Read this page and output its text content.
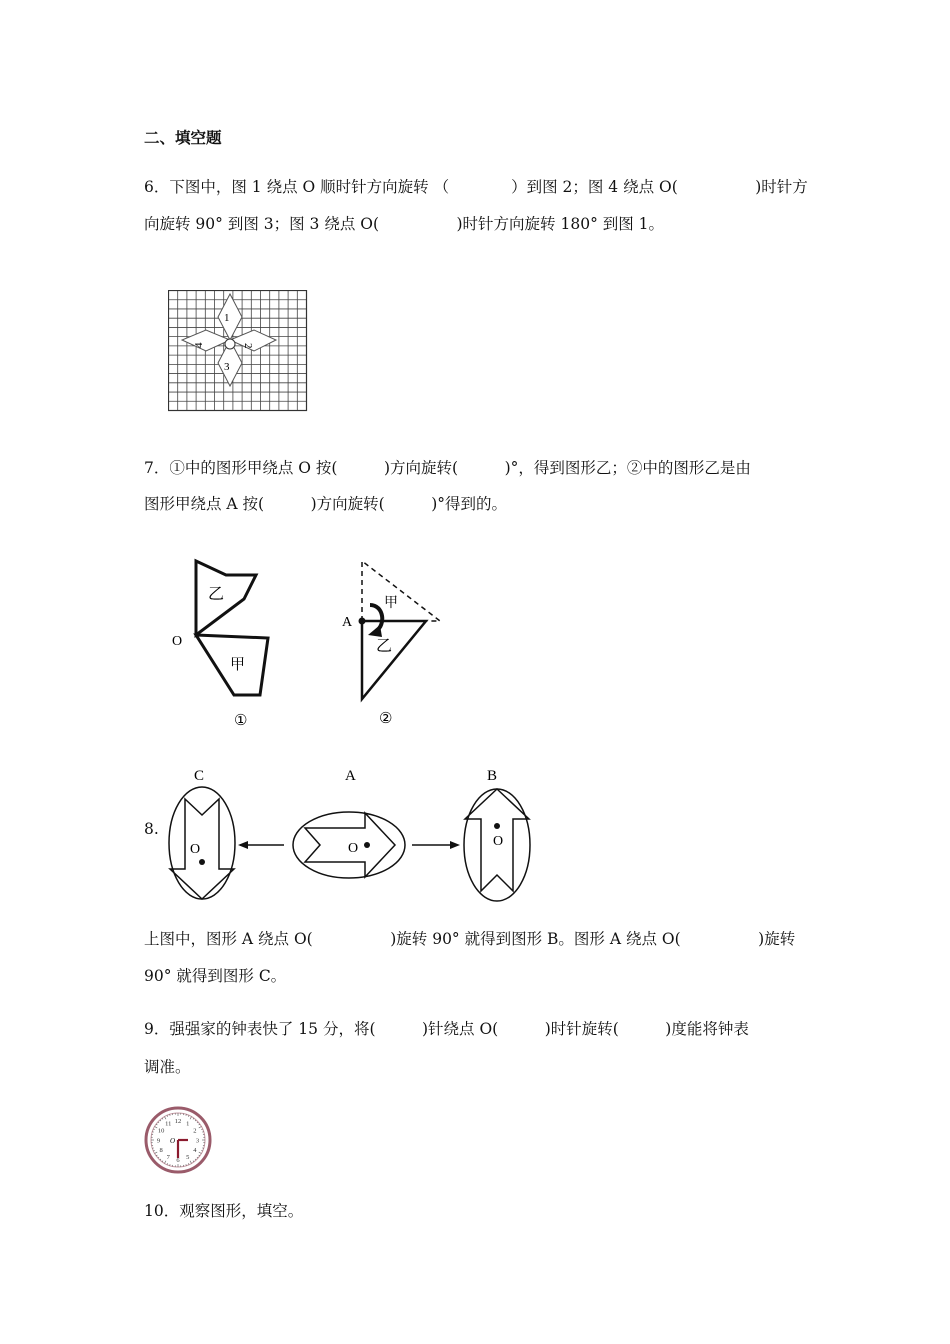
二、填空题
6．下图中，图 1 绕点 O 顺时针方向旋转 （　　　　）到图 2；图 4 绕点 O(　　　　　)时针方
向旋转 90° 到图 3；图 3 绕点 O(　　　　　)时针方向旋转 180° 到图 1。
1
2
3
4
7．①中的图形甲绕点 O 按(　　　)方向旋转(　　　)°，得到图形乙；②中的图形乙是由
图形甲绕点 A 按(　　　)方向旋转(　　　)°得到的。
乙
甲
O
①
甲
乙
A
②
8.
C	A	B
O	O	O
上图中，图形 A 绕点 O(　　　　　)旋转 90° 就得到图形 B。图形 A 绕点 O(　　　　　)旋转
90° 就得到图形 C。
9．强强家的钟表快了 15 分，将(　　　)针绕点 O(　　　)时针旋转(　　　)度能将钟表
调准。
12 1
2
3
4
5
6
7
8
9
10
11
O
10．观察图形，填空。
